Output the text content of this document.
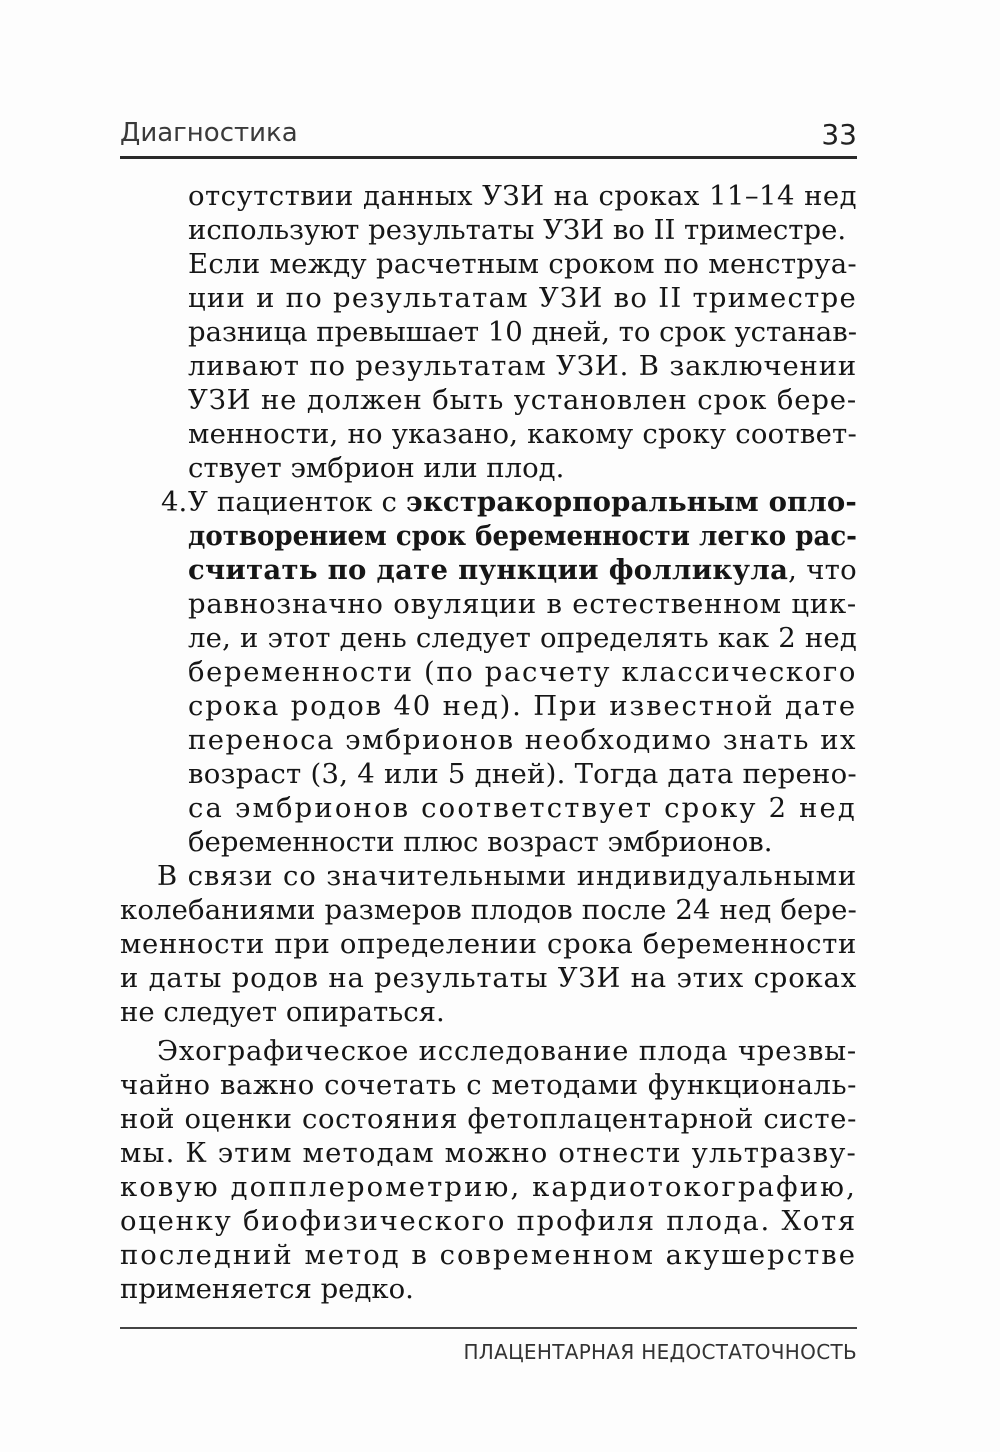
Диагностика	33
отсутствии данных УЗИ на сроках 11–14 нед
используют результаты УЗИ во II триместре.
Если между расчетным сроком по менструа-
ции и по результатам УЗИ во II триместре
разница превышает 10 дней, то срок устанав-
ливают по результатам УЗИ. В заключении
УЗИ не должен быть установлен срок бере-
менности, но указано, какому сроку соответ-
ствует эмбрион или плод.
4. У пациенток с экстракорпоральным опло-
дотворением срок беременности легко рас-
считать по дате пункции фолликула, что
равнозначно овуляции в естественном цик-
ле, и этот день следует определять как 2 нед
беременности (по расчету классического
срока родов 40 нед). При известной дате
переноса эмбрионов необходимо знать их
возраст (3, 4 или 5 дней). Тогда дата перено-
са эмбрионов соответствует сроку 2 нед
беременности плюс возраст эмбрионов.
В связи со значительными индивидуальными
колебаниями размеров плодов после 24 нед бере-
менности при определении срока беременности
и даты родов на результаты УЗИ на этих сроках
не следует опираться.
Эхографическое исследование плода чрезвы-
чайно важно сочетать с методами функциональ-
ной оценки состояния фетоплацентарной систе-
мы. К этим методам можно отнести ультразву-
ковую допплерометрию, кардиотокографию,
оценку биофизического профиля плода. Хотя
последний метод в современном акушерстве
применяется редко.
ПЛАЦЕНТАРНАЯ НЕДОСТАТОЧНОСТЬ
